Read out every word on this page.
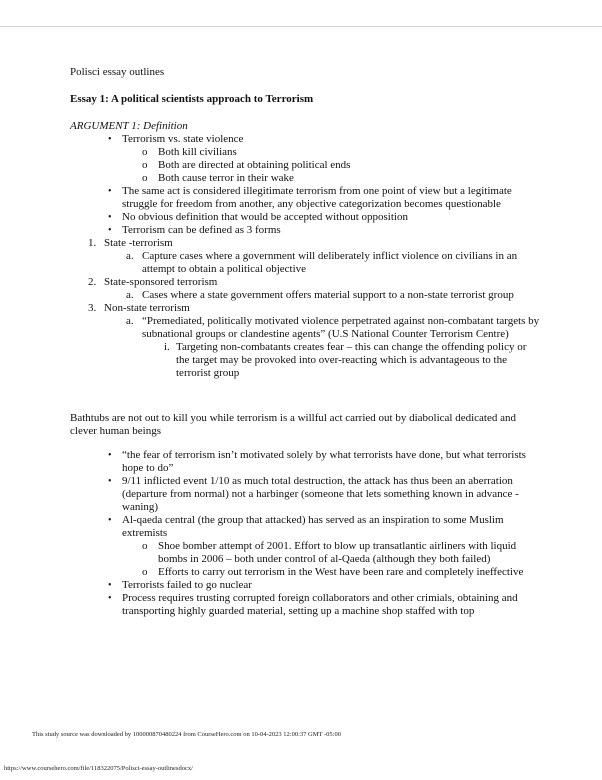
Polisci essay outlines

Essay 1: A political scientists approach to Terrorism

ARGUMENT 1: Definition

• Terrorism vs. state violence
o Both kill civilians
o Both are directed at obtaining political ends
o Both cause terror in their wake
• The same act is considered illegitimate terrorism from one point of view but a legitimate struggle for freedom from another, any objective categorization becomes questionable
• No obvious definition that would be accepted without opposition
• Terrorism can be defined as 3 forms
1. State -terrorism
a. Capture cases where a government will deliberately inflict violence on civilians in an attempt to obtain a political objective
2. State-sponsored terrorism
a. Cases where a state government offers material support to a non-state terrorist group
3. Non-state terrorism
a. “Premediated, politically motivated violence perpetrated against non-combatant targets by subnational groups or clandestine agents” (U.S National Counter Terrorism Centre)
i. Targeting non-combatants creates fear – this can change the offending policy or the target may be provoked into over-reacting which is advantageous to the terrorist group

Bathtubs are not out to kill you while terrorism is a willful act carried out by diabolical dedicated and clever human beings

• “the fear of terrorism isn’t motivated solely by what terrorists have done, but what terrorists hope to do”
• 9/11 inflicted event 1/10 as much total destruction, the attack has thus been an aberration (departure from normal) not a harbinger (someone that lets something known in advance - waning)
• Al-qaeda central (the group that attacked) has served as an inspiration to some Muslim extremists
o Shoe bomber attempt of 2001. Effort to blow up transatlantic airliners with liquid bombs in 2006 – both under control of al-Qaeda (although they both failed)
o Efforts to carry out terrorism in the West have been rare and completely ineffective
• Terrorists failed to go nuclear
• Process requires trusting corrupted foreign collaborators and other crimials, obtaining and transporting highly guarded material, setting up a machine shop staffed with top
This study source was downloaded by 100000870480224 from CourseHero.com on 10-04-2023 12:00:37 GMT -05:00
https://www.coursehero.com/file/118322075/Polisci-essay-outlinesdocx/
